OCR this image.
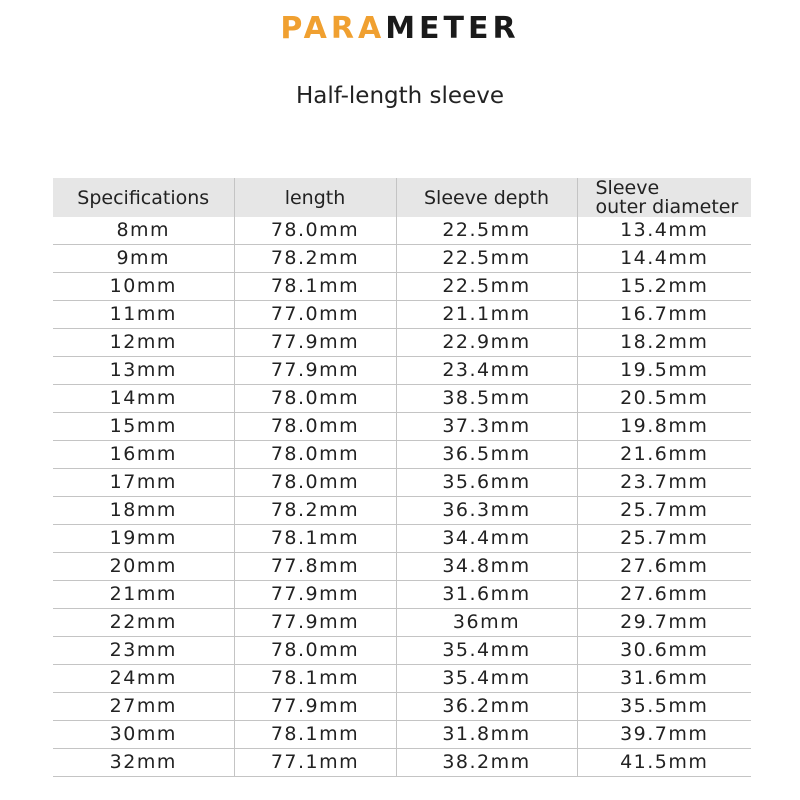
PARAMETER
Half-length sleeve
Specifications	length	Sleeve depth	Sleeve
outer diameter
8mm	78.0mm	22.5mm	13.4mm
9mm	78.2mm	22.5mm	14.4mm
10mm	78.1mm	22.5mm	15.2mm
11mm	77.0mm	21.1mm	16.7mm
12mm	77.9mm	22.9mm	18.2mm
13mm	77.9mm	23.4mm	19.5mm
14mm	78.0mm	38.5mm	20.5mm
15mm	78.0mm	37.3mm	19.8mm
16mm	78.0mm	36.5mm	21.6mm
17mm	78.0mm	35.6mm	23.7mm
18mm	78.2mm	36.3mm	25.7mm
19mm	78.1mm	34.4mm	25.7mm
20mm	77.8mm	34.8mm	27.6mm
21mm	77.9mm	31.6mm	27.6mm
22mm	77.9mm	36mm	29.7mm
23mm	78.0mm	35.4mm	30.6mm
24mm	78.1mm	35.4mm	31.6mm
27mm	77.9mm	36.2mm	35.5mm
30mm	78.1mm	31.8mm	39.7mm
32mm	77.1mm	38.2mm	41.5mm
